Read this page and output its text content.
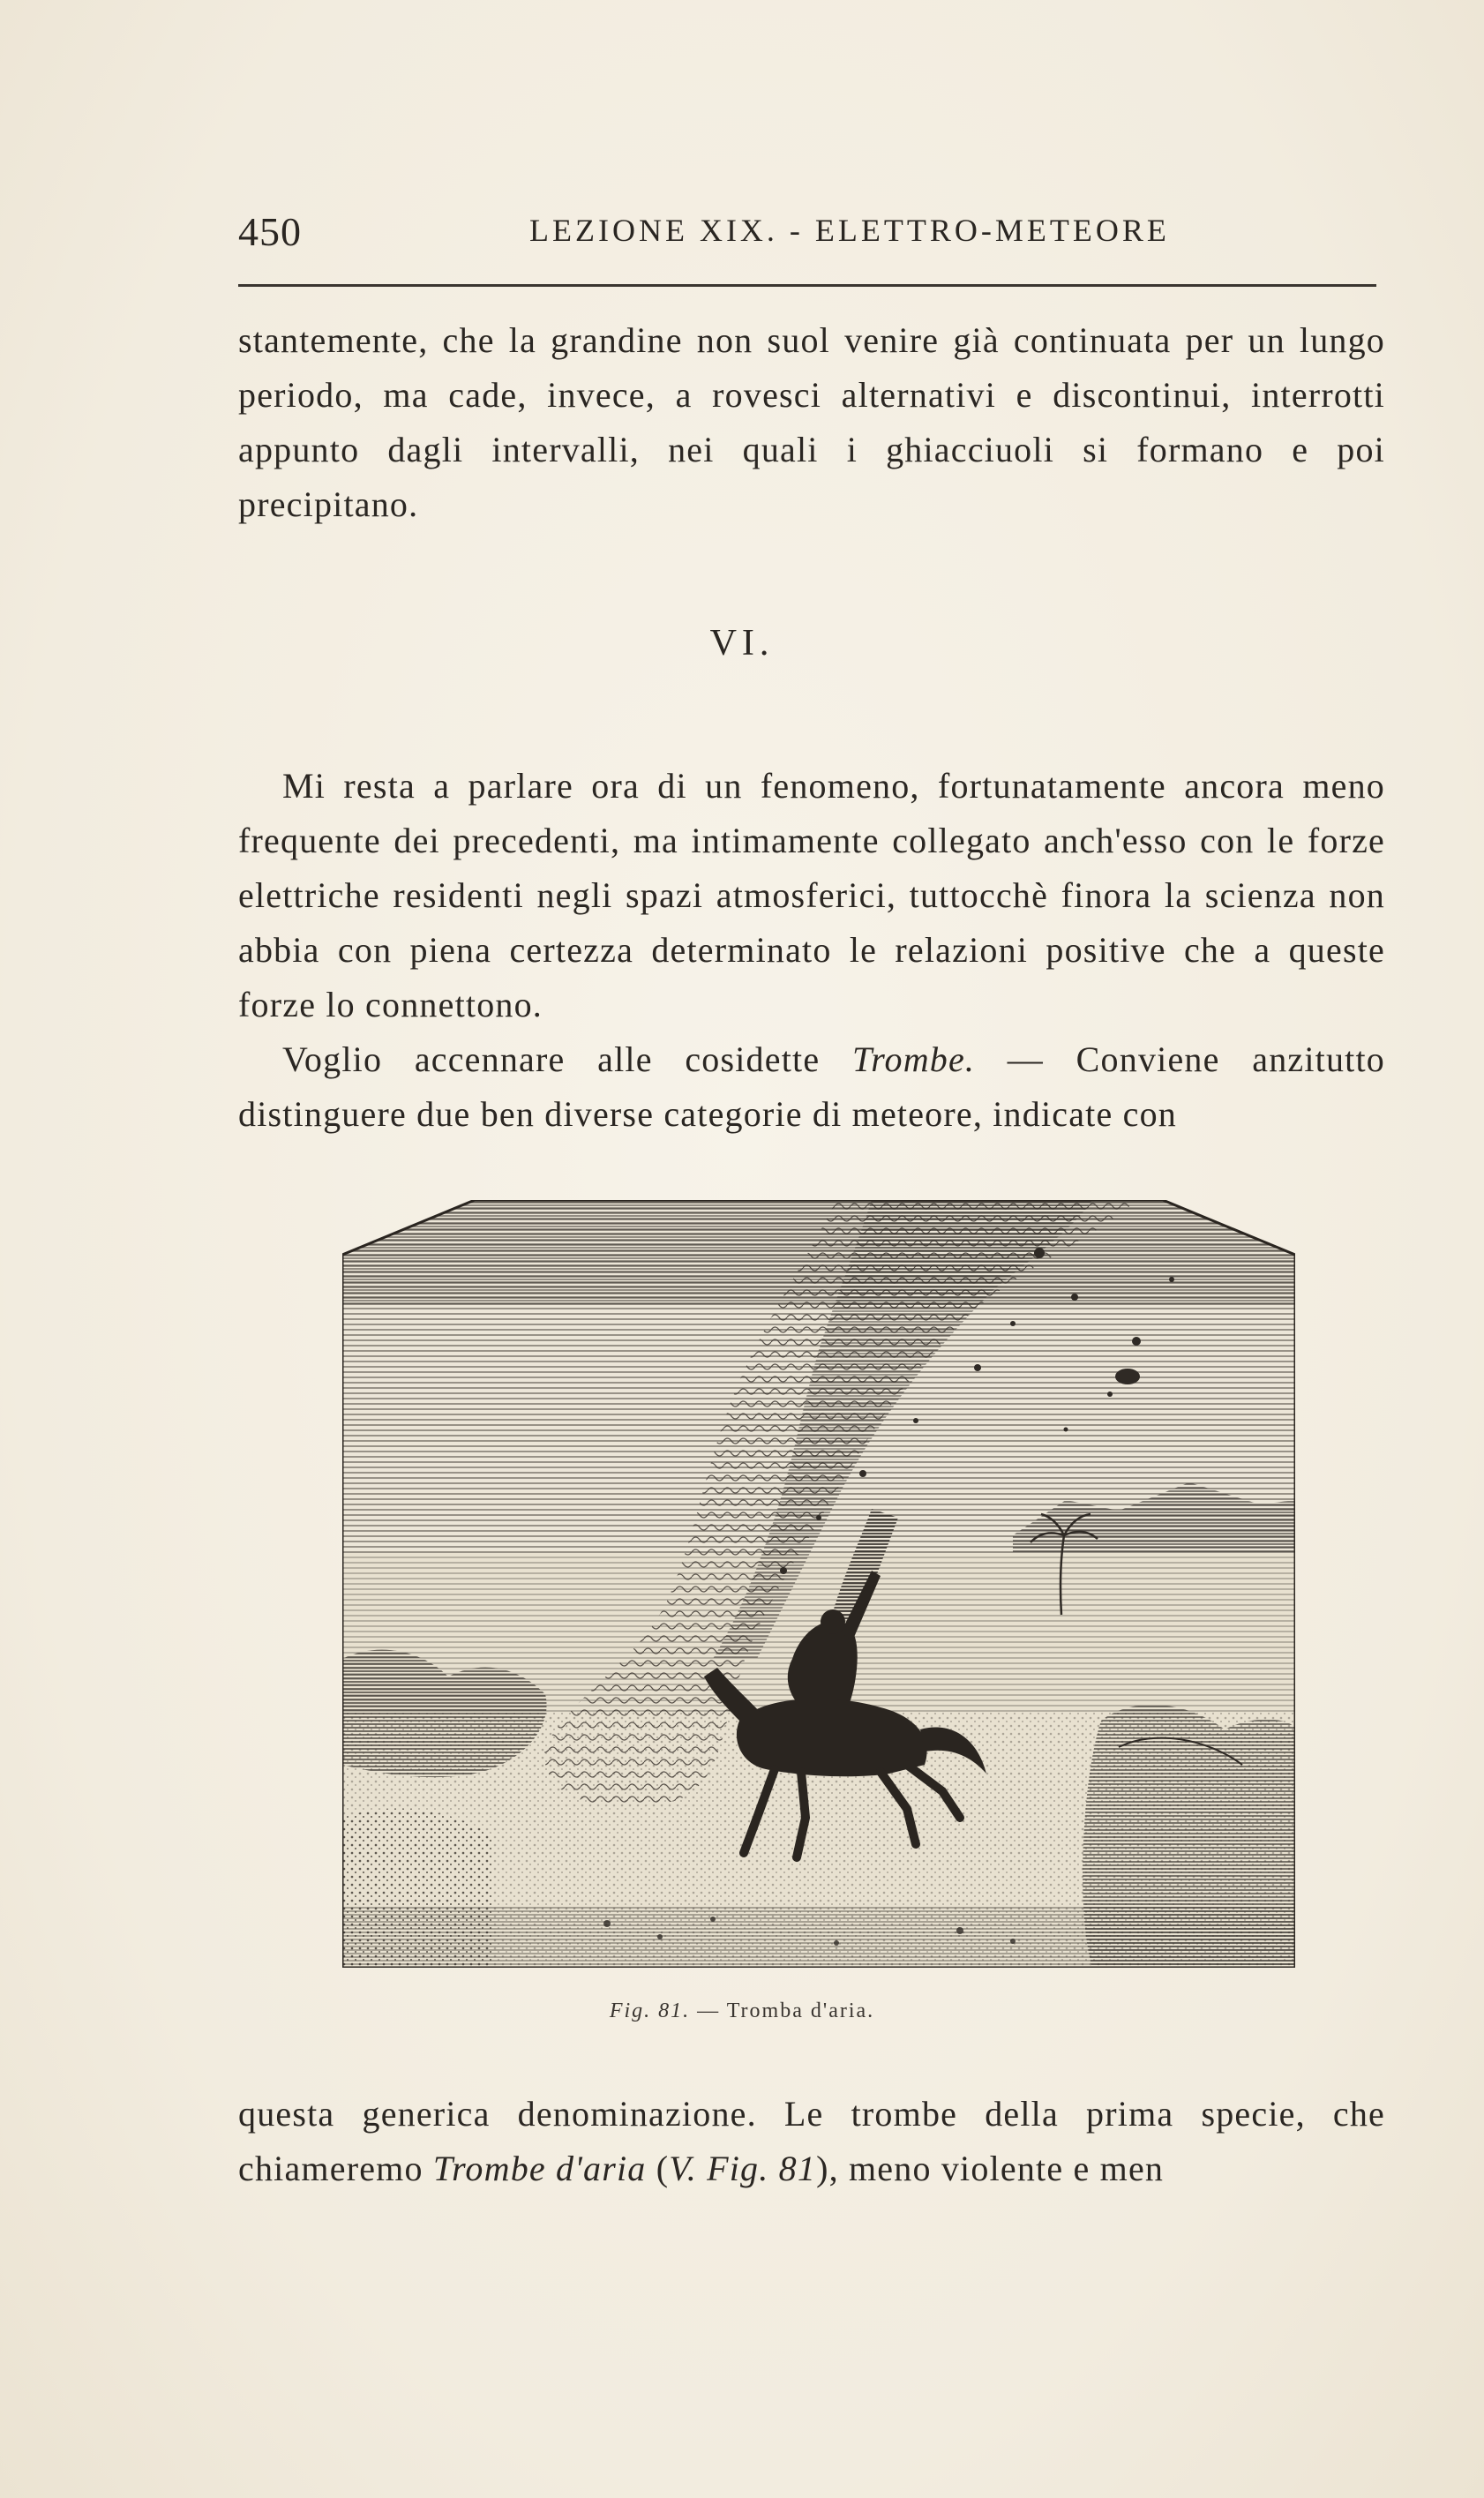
450	LEZIONE XIX. - ELETTRO-METEORE

stantemente, che la grandine non suol venire già continuata per un lungo periodo, ma cade, invece, a rovesci alternativi e discontinui, interrotti appunto dagli intervalli, nei quali i ghiacciuoli si formano e poi precipitano.

VI.

Mi resta a parlare ora di un fenomeno, fortunatamente ancora meno frequente dei precedenti, ma intimamente collegato anch'esso con le forze elettriche residenti negli spazi atmosferici, tuttocchè finora la scienza non abbia con piena certezza determinato le relazioni positive che a queste forze lo connettono.

Voglio accennare alle cosidette Trombe. — Conviene anzitutto distinguere due ben diverse categorie di meteore, indicate con

Fig. 81. — Tromba d'aria.

questa generica denominazione. Le trombe della prima specie, che chiameremo Trombe d'aria (V. Fig. 81), meno violente e men
